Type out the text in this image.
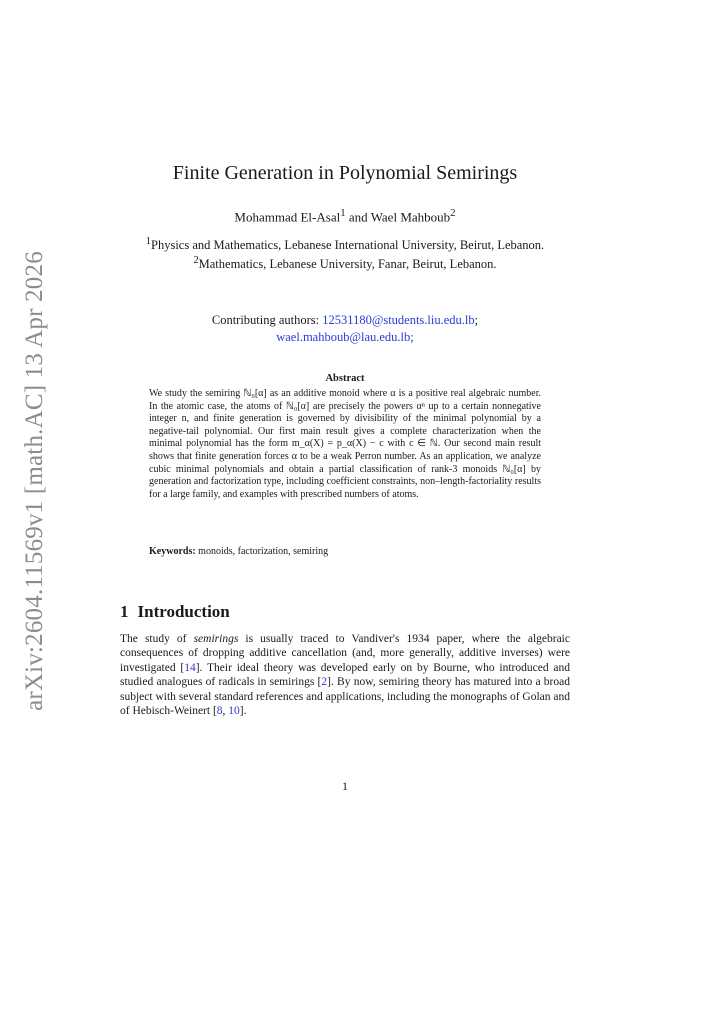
arXiv:2604.11569v1 [math.AC] 13 Apr 2026
Finite Generation in Polynomial Semirings
Mohammad El-Asal$^1$ and Wael Mahboub$^2$
$^1$Physics and Mathematics, Lebanese International University, Beirut, Lebanon.
$^2$Mathematics, Lebanese University, Fanar, Beirut, Lebanon.
Contributing authors: 12531180@students.liu.edu.lb;
wael.mahboub@lau.edu.lb;
Abstract

We study the semiring ℕ₀[α] as an additive monoid where α is a positive real algebraic number. In the atomic case, the atoms of ℕ₀[α] are precisely the powers αⁿ up to a certain nonnegative integer n, and finite generation is governed by divisibility of the minimal polynomial by a negative-tail polynomial. Our first main result gives a complete characterization when the minimal polynomial has the form m_α(X) = p_α(X) − c with c ∈ ℕ. Our second main result shows that finite generation forces α to be a weak Perron number. As an application, we analyze cubic minimal polynomials and obtain a partial classification of rank-3 monoids ℕ₀[α] by generation and factorization type, including coefficient constraints, non–length-factoriality results for a large family, and examples with prescribed numbers of atoms.

Keywords: monoids, factorization, semiring
1 Introduction

The study of semirings is usually traced to Vandiver's 1934 paper, where the algebraic consequences of dropping additive cancellation (and, more generally, additive inverses) were investigated [14]. Their ideal theory was developed early on by Bourne, who introduced and studied analogues of radicals in semirings [2]. By now, semiring theory has matured into a broad subject with several standard references and applications, including the monographs of Golan and of Hebisch-Weinert [8, 10].

1
